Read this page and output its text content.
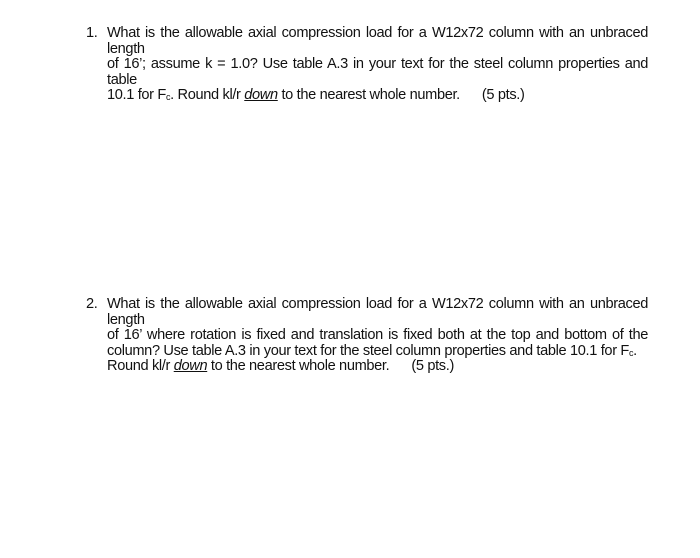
1. What is the allowable axial compression load for a W12x72 column with an unbraced length
of 16’; assume k = 1.0? Use table A.3 in your text for the steel column properties and table
10.1 for $F_c$. Round kl/r down to the nearest whole number. (5 pts.)
2. What is the allowable axial compression load for a W12x72 column with an unbraced length
of 16’ where rotation is fixed and translation is fixed both at the top and bottom of the
column? Use table A.3 in your text for the steel column properties and table 10.1 for $F_c$.
Round kl/r down to the nearest whole number. (5 pts.)
